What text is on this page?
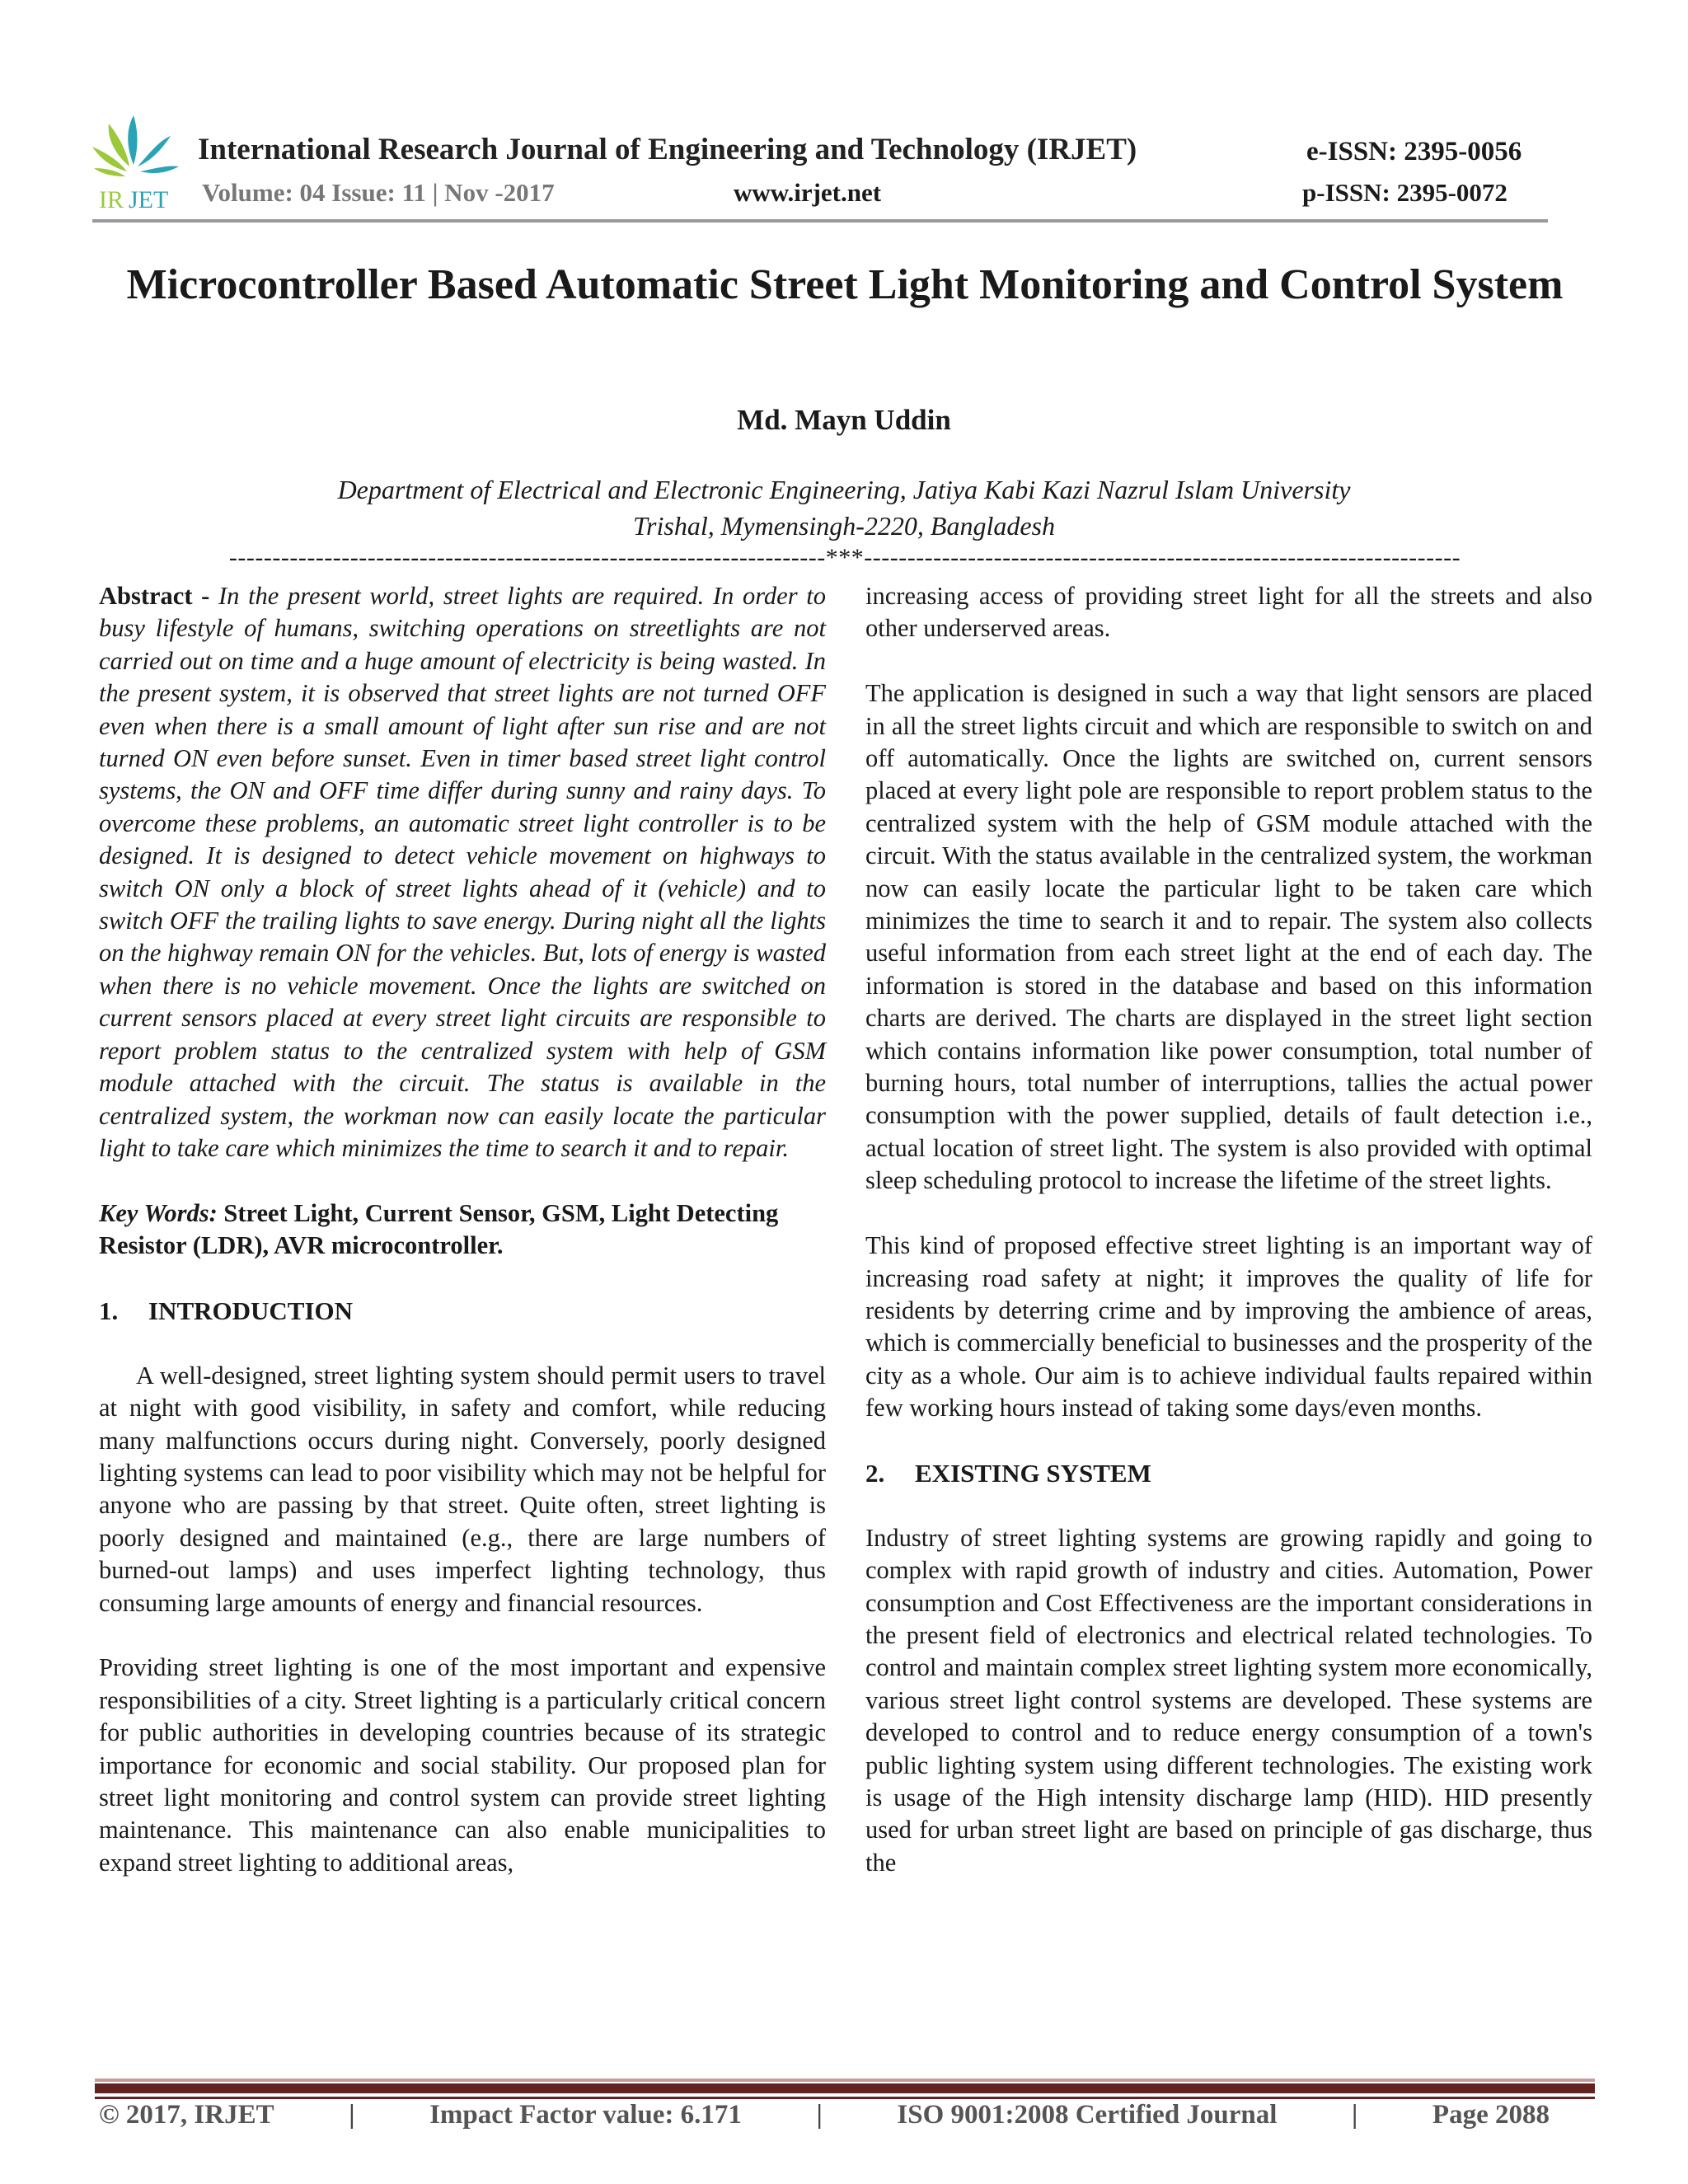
IR JET
International Research Journal of Engineering and Technology (IRJET)	e-ISSN: 2395-0056
Volume: 04 Issue: 11 | Nov -2017	www.irjet.net	p-ISSN: 2395-0072
Microcontroller Based Automatic Street Light Monitoring and Control System
Md. Mayn Uddin
Department of Electrical and Electronic Engineering, Jatiya Kabi Kazi Nazrul Islam University
Trishal, Mymensingh-2220, Bangladesh
---------------------------------------------------------------------***---------------------------------------------------------------------

Abstract - In the present world, street lights are required. In order to busy lifestyle of humans, switching operations on streetlights are not carried out on time and a huge amount of electricity is being wasted. In the present system, it is observed that street lights are not turned OFF even when there is a small amount of light after sun rise and are not turned ON even before sunset. Even in timer based street light control systems, the ON and OFF time differ during sunny and rainy days. To overcome these problems, an automatic street light controller is to be designed. It is designed to detect vehicle movement on highways to switch ON only a block of street lights ahead of it (vehicle) and to switch OFF the trailing lights to save energy. During night all the lights on the highway remain ON for the vehicles. But, lots of energy is wasted when there is no vehicle movement. Once the lights are switched on current sensors placed at every street light circuits are responsible to report problem status to the centralized system with help of GSM module attached with the circuit. The status is available in the centralized system, the workman now can easily locate the particular light to take care which minimizes the time to search it and to repair.

Key Words: Street Light, Current Sensor, GSM, Light Detecting Resistor (LDR), AVR microcontroller.

1. INTRODUCTION

A well-designed, street lighting system should permit users to travel at night with good visibility, in safety and comfort, while reducing many malfunctions occurs during night. Conversely, poorly designed lighting systems can lead to poor visibility which may not be helpful for anyone who are passing by that street. Quite often, street lighting is poorly designed and maintained (e.g., there are large numbers of burned-out lamps) and uses imperfect lighting technology, thus consuming large amounts of energy and financial resources.

Providing street lighting is one of the most important and expensive responsibilities of a city. Street lighting is a particularly critical concern for public authorities in developing countries because of its strategic importance for economic and social stability. Our proposed plan for street light monitoring and control system can provide street lighting maintenance. This maintenance can also enable municipalities to expand street lighting to additional areas,

increasing access of providing street light for all the streets and also other underserved areas.

The application is designed in such a way that light sensors are placed in all the street lights circuit and which are responsible to switch on and off automatically. Once the lights are switched on, current sensors placed at every light pole are responsible to report problem status to the centralized system with the help of GSM module attached with the circuit. With the status available in the centralized system, the workman now can easily locate the particular light to be taken care which minimizes the time to search it and to repair. The system also collects useful information from each street light at the end of each day. The information is stored in the database and based on this information charts are derived. The charts are displayed in the street light section which contains information like power consumption, total number of burning hours, total number of interruptions, tallies the actual power consumption with the power supplied, details of fault detection i.e., actual location of street light. The system is also provided with optimal sleep scheduling protocol to increase the lifetime of the street lights.

This kind of proposed effective street lighting is an important way of increasing road safety at night; it improves the quality of life for residents by deterring crime and by improving the ambience of areas, which is commercially beneficial to businesses and the prosperity of the city as a whole. Our aim is to achieve individual faults repaired within few working hours instead of taking some days/even months.

2. EXISTING SYSTEM

Industry of street lighting systems are growing rapidly and going to complex with rapid growth of industry and cities. Automation, Power consumption and Cost Effectiveness are the important considerations in the present field of electronics and electrical related technologies. To control and maintain complex street lighting system more economically, various street light control systems are developed. These systems are developed to control and to reduce energy consumption of a town's public lighting system using different technologies. The existing work is usage of the High intensity discharge lamp (HID). HID presently used for urban street light are based on principle of gas discharge, thus the

© 2017, IRJET	|	Impact Factor value: 6.171	|	ISO 9001:2008 Certified Journal	|	Page 2088
